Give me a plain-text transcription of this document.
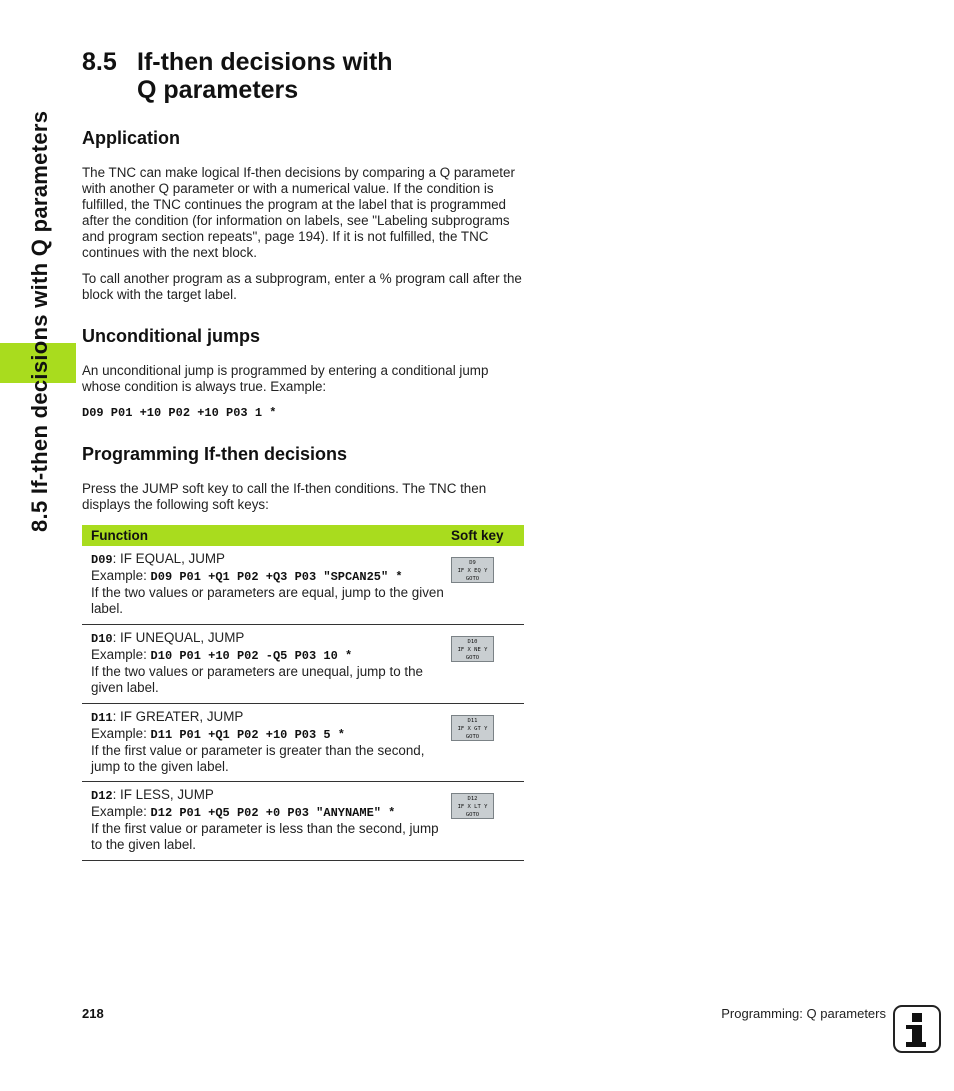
8.5 If-then decisions with Q parameters
8.5 If-then decisions with
Q parameters
Application

The TNC can make logical If-then decisions by comparing a Q parameter with another Q parameter or with a numerical value. If the condition is fulfilled, the TNC continues the program at the label that is programmed after the condition (for information on labels, see "Labeling subprograms and program section repeats", page 194). If it is not fulfilled, the TNC continues with the next block.

To call another program as a subprogram, enter a % program call after the block with the target label.

Unconditional jumps

An unconditional jump is programmed by entering a conditional jump whose condition is always true. Example:

D09 P01 +10 P02 +10 P03 1 *

Programming If-then decisions

Press the JUMP soft key to call the If-then conditions. The TNC then displays the following soft keys:

Function	Soft key
D09: IF EQUAL, JUMP
Example: D09 P01 +Q1 P02 +Q3 P03 "SPCAN25" *
If the two values or parameters are equal, jump to the given label.
D9
IF X EQ Y
GOTO
D10: IF UNEQUAL, JUMP
Example: D10 P01 +10 P02 -Q5 P03 10 *
If the two values or parameters are unequal, jump to the given label.
D10
IF X NE Y
GOTO
D11: IF GREATER, JUMP
Example: D11 P01 +Q1 P02 +10 P03 5 *
If the first value or parameter is greater than the second, jump to the given label.
D11
IF X GT Y
GOTO
D12: IF LESS, JUMP
Example: D12 P01 +Q5 P02 +0 P03 "ANYNAME" *
If the first value or parameter is less than the second, jump to the given label.
D12
IF X LT Y
GOTO
218	Programming: Q parameters
